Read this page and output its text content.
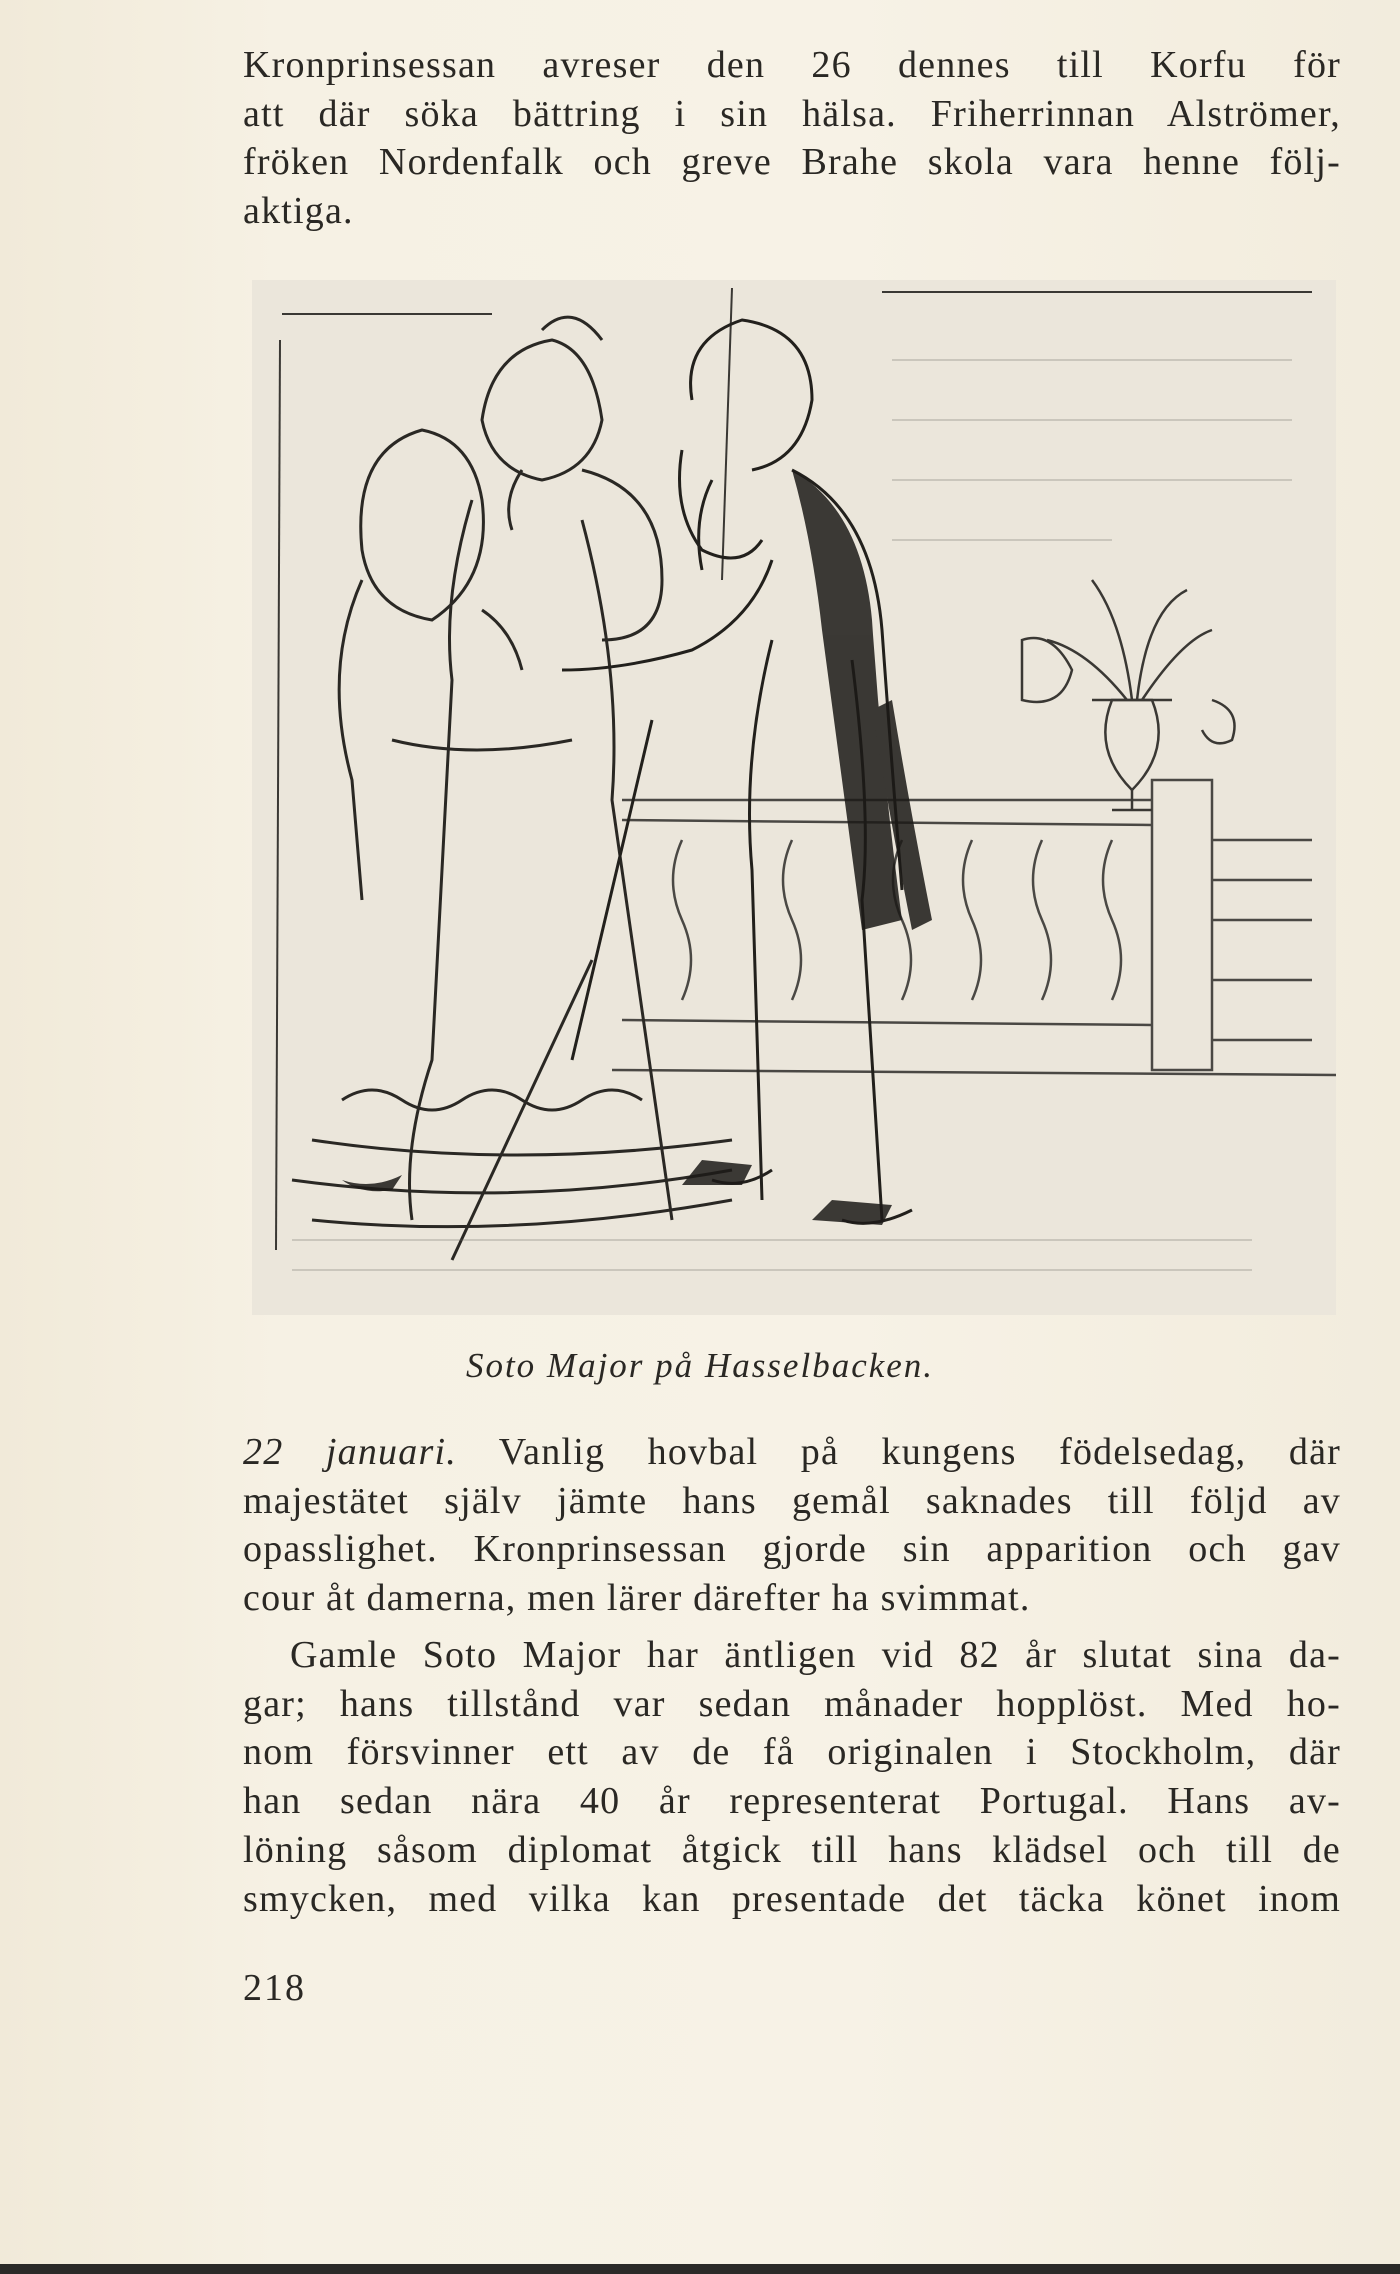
Kronprinsessan avreser den 26 dennes till Korfu för
att där söka bättring i sin hälsa. Friherrinnan Alströmer,
fröken Nordenfalk och greve Brahe skola vara henne följ-
aktiga.

Soto Major på Hasselbacken.

22 januari. Vanlig hovbal på kungens födelsedag, där
majestätet själv jämte hans gemål saknades till följd av
opasslighet. Kronprinsessan gjorde sin apparition och gav
cour åt damerna, men lärer därefter ha svimmat.

Gamle Soto Major har äntligen vid 82 år slutat sina da-
gar; hans tillstånd var sedan månader hopplöst. Med ho-
nom försvinner ett av de få originalen i Stockholm, där
han sedan nära 40 år representerat Portugal. Hans av-
löning såsom diplomat åtgick till hans klädsel och till de
smycken, med vilka kan presentade det täcka könet inom

218
